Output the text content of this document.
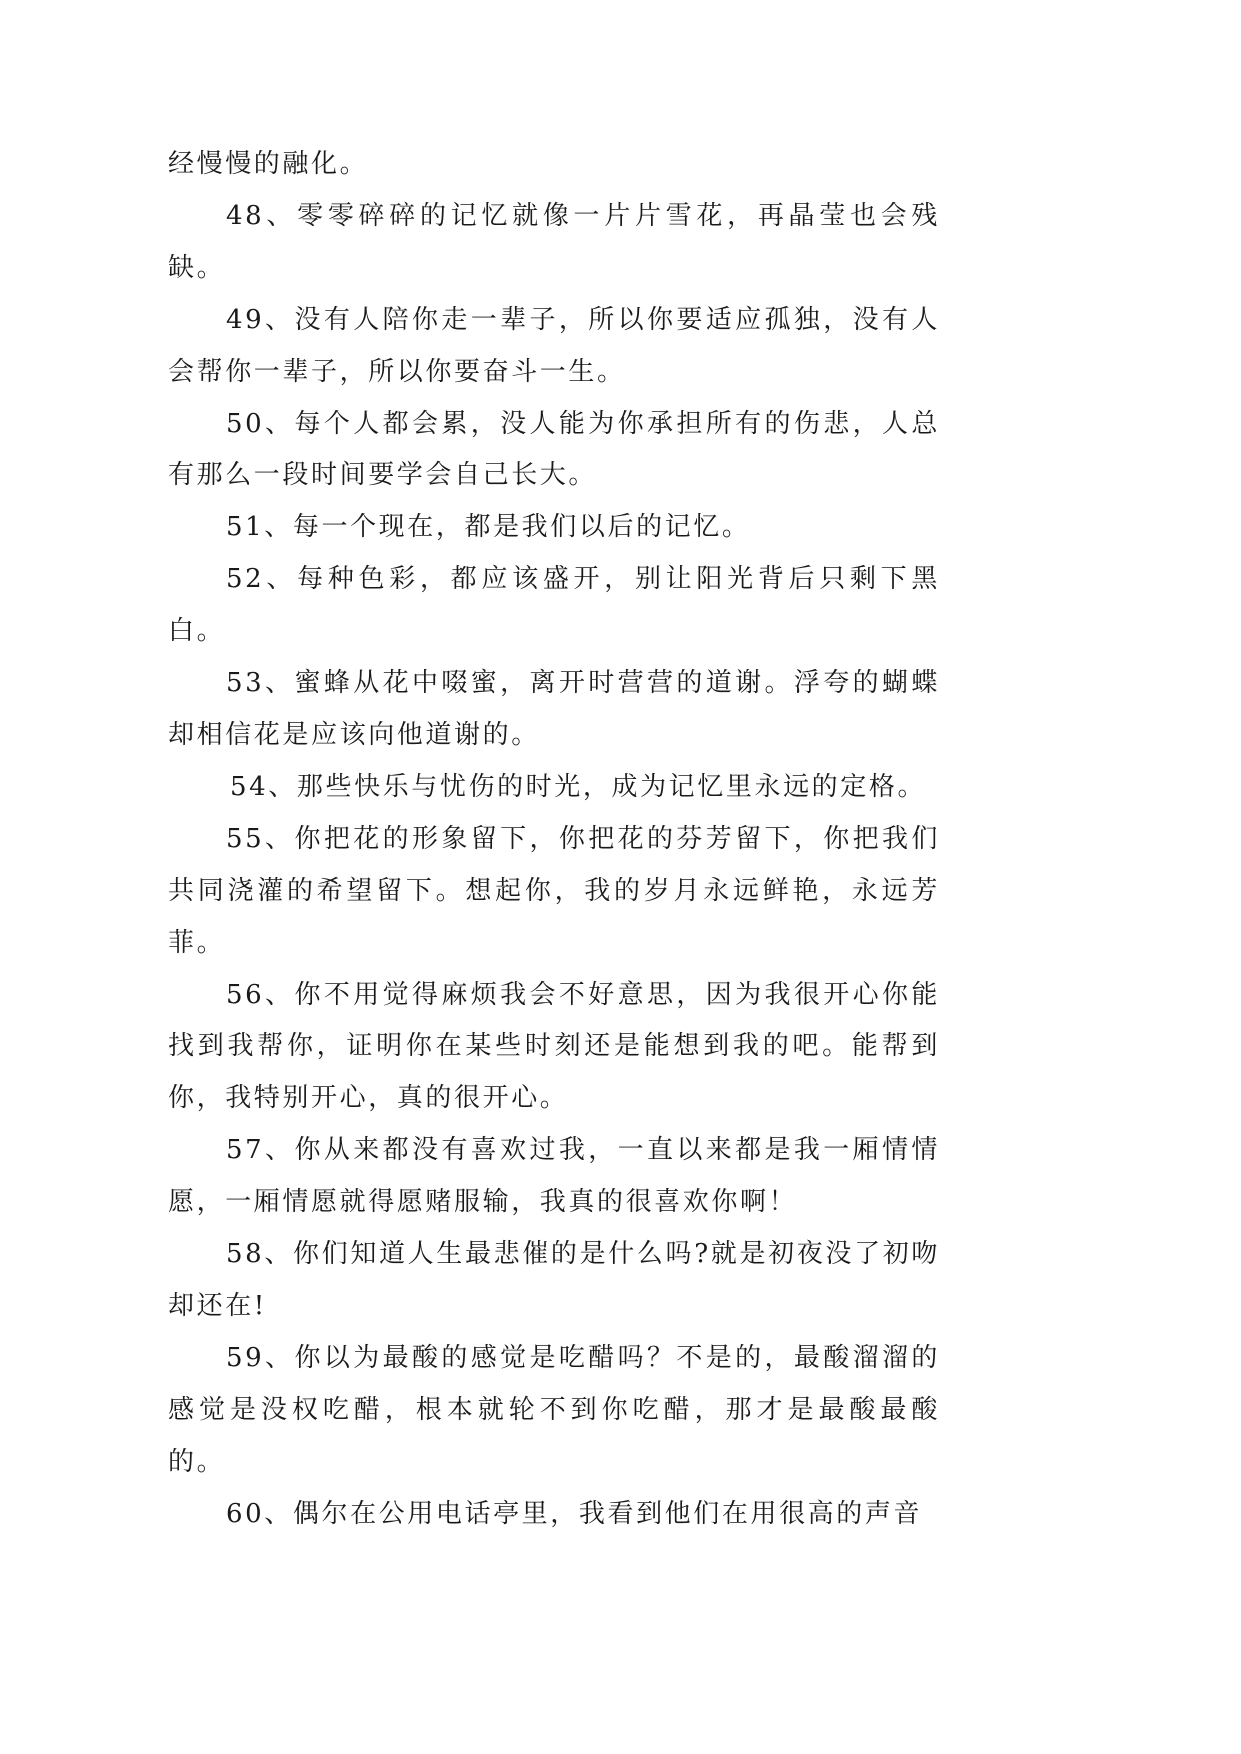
经慢慢的融化。

48、零零碎碎的记忆就像一片片雪花，再晶莹也会残缺。

49、没有人陪你走一辈子，所以你要适应孤独，没有人会帮你一辈子，所以你要奋斗一生。

50、每个人都会累，没人能为你承担所有的伤悲，人总有那么一段时间要学会自己长大。

51、每一个现在，都是我们以后的记忆。

52、每种色彩，都应该盛开，别让阳光背后只剩下黑白。

53、蜜蜂从花中啜蜜，离开时营营的道谢。浮夸的蝴蝶却相信花是应该向他道谢的。

54、那些快乐与忧伤的时光，成为记忆里永远的定格。

55、你把花的形象留下，你把花的芬芳留下，你把我们共同浇灌的希望留下。想起你，我的岁月永远鲜艳，永远芳菲。

56、你不用觉得麻烦我会不好意思，因为我很开心你能找到我帮你，证明你在某些时刻还是能想到我的吧。能帮到你，我特别开心，真的很开心。

57、你从来都没有喜欢过我，一直以来都是我一厢情情愿，一厢情愿就得愿赌服输，我真的很喜欢你啊！

58、你们知道人生最悲催的是什么吗?就是初夜没了初吻却还在!

59、你以为最酸的感觉是吃醋吗？不是的，最酸溜溜的感觉是没权吃醋，根本就轮不到你吃醋，那才是最酸最酸的。

60、偶尔在公用电话亭里，我看到他们在用很高的声音
